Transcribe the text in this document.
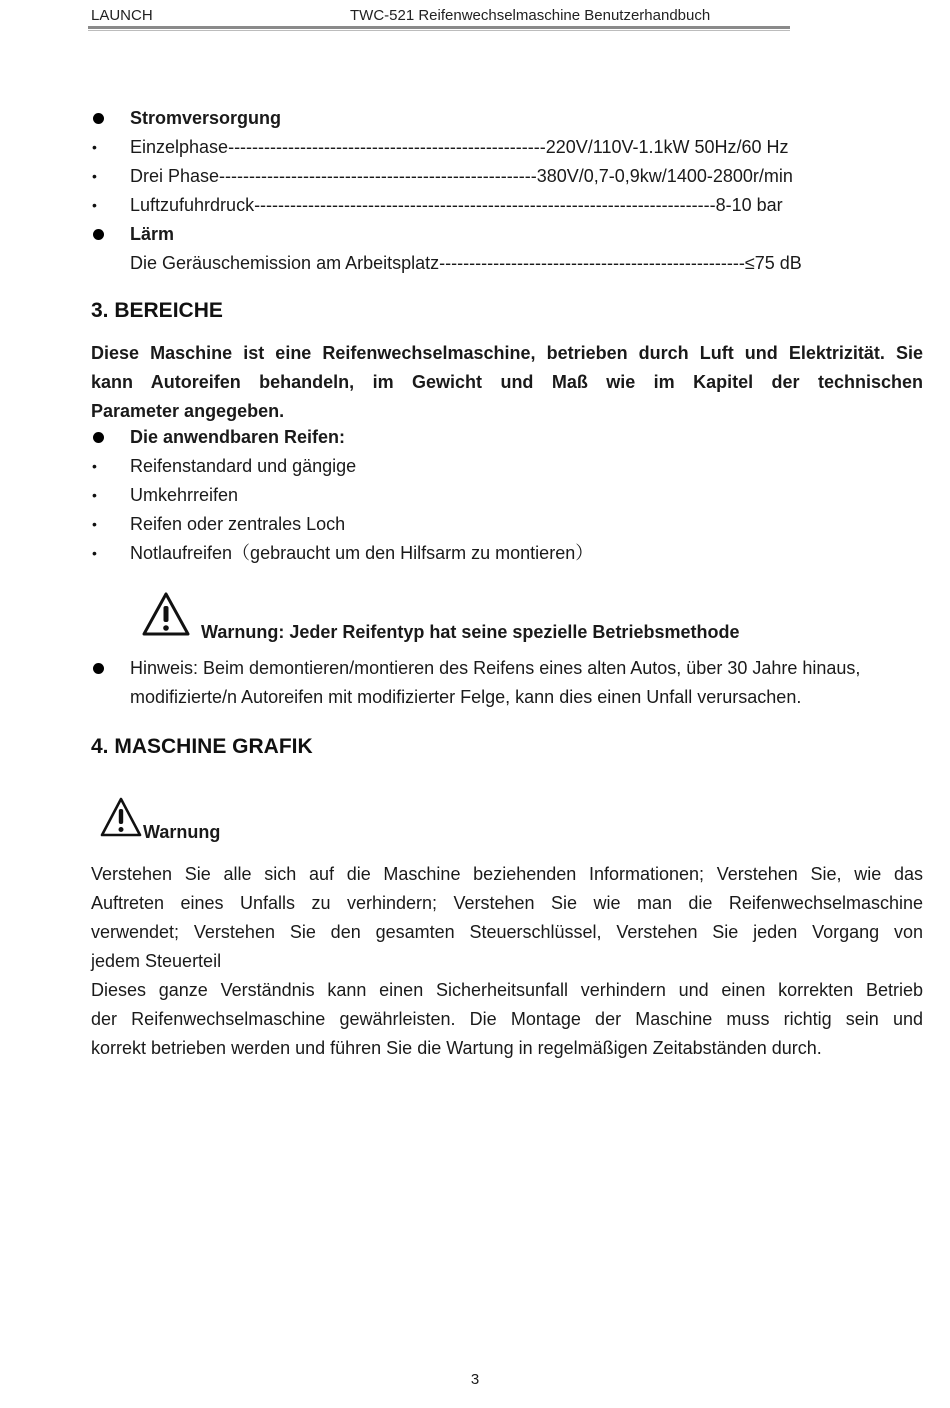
LAUNCH	TWC-521 Reifenwechselmaschine Benutzerhandbuch
Stromversorgung
• Einzelphase-----------------------------------------------------220V/110V-1.1kW 50Hz/60 Hz
• Drei Phase-----------------------------------------------------380V/0,7-0,9kw/1400-2800r/min
• Luftzufuhrdruck-----------------------------------------------------------------------------8-10 bar
Lärm
Die Geräuschemission am Arbeitsplatz---------------------------------------------------≤75 dB
3. BEREICHE
Diese Maschine ist eine Reifenwechselmaschine, betrieben durch Luft und Elektrizität. Sie
kann Autoreifen behandeln, im Gewicht und Maß wie im Kapitel der technischen
Parameter angegeben.
Die anwendbaren Reifen:
• Reifenstandard und gängige
• Umkehrreifen
• Reifen oder zentrales Loch
• Notlaufreifen（gebraucht um den Hilfsarm zu montieren）
Warnung: Jeder Reifentyp hat seine spezielle Betriebsmethode
Hinweis: Beim demontieren/montieren des Reifens eines alten Autos, über 30 Jahre hinaus,
modifizierte/n Autoreifen mit modifizierter Felge, kann dies einen Unfall verursachen.
4. MASCHINE GRAFIK
Warnung
Verstehen Sie alle sich auf die Maschine beziehenden Informationen; Verstehen Sie, wie das
Auftreten eines Unfalls zu verhindern; Verstehen Sie wie man die Reifenwechselmaschine
verwendet; Verstehen Sie den gesamten Steuerschlüssel, Verstehen Sie jeden Vorgang von
jedem Steuerteil
Dieses ganze Verständnis kann einen Sicherheitsunfall verhindern und einen korrekten Betrieb
der Reifenwechselmaschine gewährleisten. Die Montage der Maschine muss richtig sein und
korrekt betrieben werden und führen Sie die Wartung in regelmäßigen Zeitabständen durch.
3
